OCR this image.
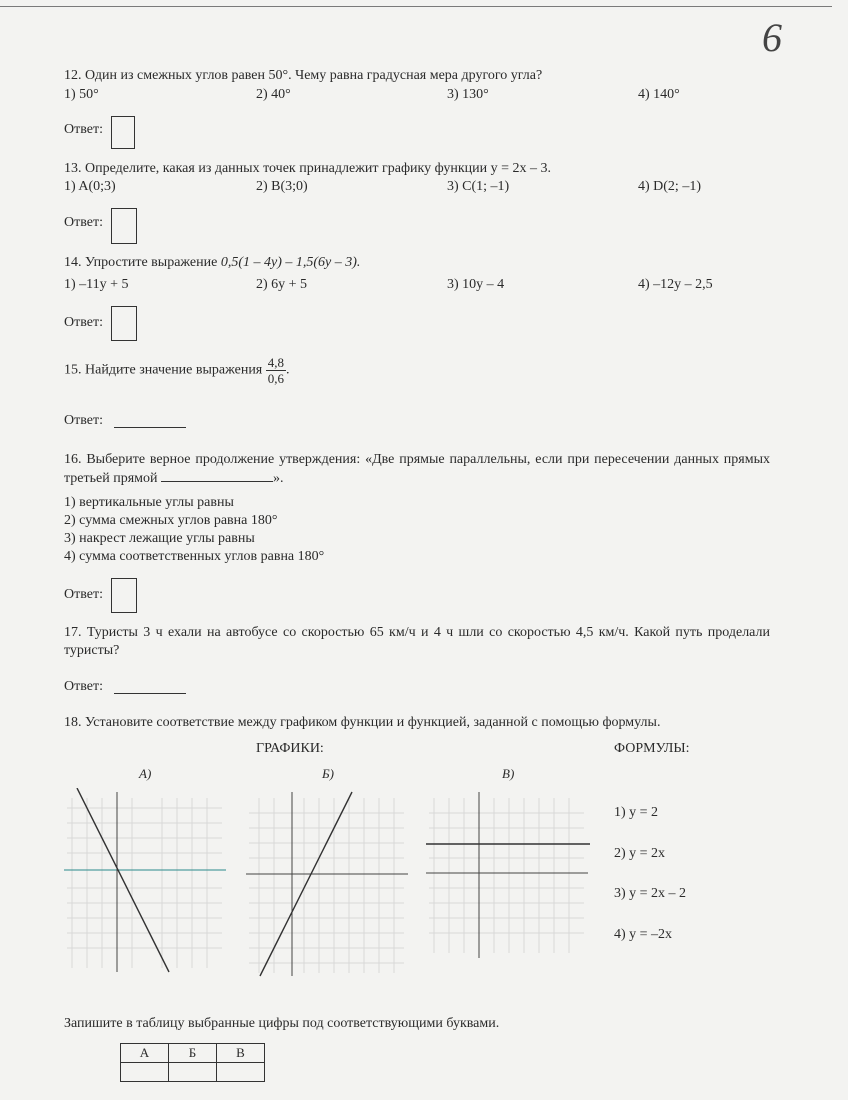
6
12. Один из смежных углов равен 50°. Чему равна градусная мера другого угла?
1) 50°	2) 40°	3) 130°	4) 140°
Ответ:
13. Определите, какая из данных точек принадлежит графику функции y = 2x – 3.
1) A(0;3)	2) B(3;0)	3) C(1; –1)	4) D(2; –1)
Ответ:
14. Упростите выражение 0,5(1 – 4y) – 1,5(6y – 3).
1) –11y + 5	2) 6y + 5	3) 10y – 4	4) –12y – 2,5
Ответ:
15. Найдите значение выражения $\frac{4,8}{0,6}$ .
Ответ:
16. Выберите верное продолжение утверждения: «Две прямые параллельны, если при пересечении данных прямых третьей прямой	».
1) вертикальные углы равны
2) сумма смежных углов равна 180°
3) накрест лежащие углы равны
4) сумма соответственных углов равна 180°
Ответ:
17. Туристы 3 ч ехали на автобусе со скоростью 65 км/ч и 4 ч шли со скоростью 4,5 км/ч. Какой путь проделали туристы?
Ответ:
18. Установите соответствие между графиком функции и функцией, заданной с помощью формулы.
ГРАФИКИ:	ФОРМУЛЫ:
А)	Б)	В)
1) y = 2
2) y = 2x
3) y = 2x – 2
4) y = –2x
Запишите в таблицу выбранные цифры под соответствующими буквами.
А	Б	В
